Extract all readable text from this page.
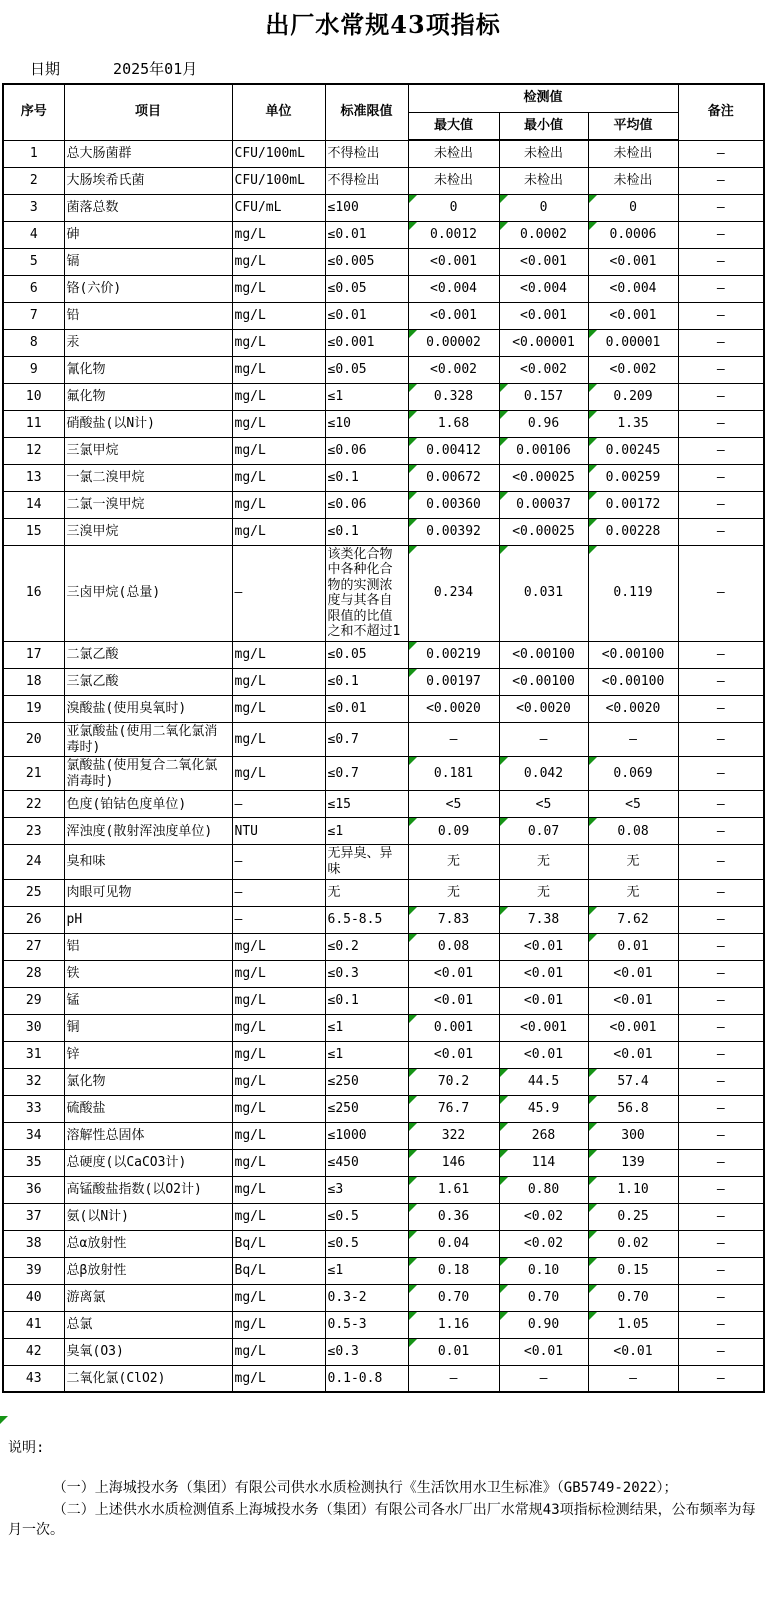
出厂水常规43项指标
日期	2025年01月
序号	项目	单位	标准限值	检测值			备注
				最大值	最小值	平均值	
1	总大肠菌群	CFU/100mL	不得检出	未检出	未检出	未检出	–
2	大肠埃希氏菌	CFU/100mL	不得检出	未检出	未检出	未检出	–
3	菌落总数	CFU/mL	≤100	0	0	0	–
4	砷	mg/L	≤0.01	0.0012	0.0002	0.0006	–
5	镉	mg/L	≤0.005	<0.001	<0.001	<0.001	–
6	铬(六价)	mg/L	≤0.05	<0.004	<0.004	<0.004	–
7	铅	mg/L	≤0.01	<0.001	<0.001	<0.001	–
8	汞	mg/L	≤0.001	0.00002	<0.00001	0.00001	–
9	氰化物	mg/L	≤0.05	<0.002	<0.002	<0.002	–
10	氟化物	mg/L	≤1	0.328	0.157	0.209	–
11	硝酸盐(以N计)	mg/L	≤10	1.68	0.96	1.35	–
12	三氯甲烷	mg/L	≤0.06	0.00412	0.00106	0.00245	–
13	一氯二溴甲烷	mg/L	≤0.1	0.00672	<0.00025	0.00259	–
14	二氯一溴甲烷	mg/L	≤0.06	0.00360	0.00037	0.00172	–
15	三溴甲烷	mg/L	≤0.1	0.00392	<0.00025	0.00228	–
16	三卤甲烷(总量)	–	该类化合物中各种化合物的实测浓度与其各自限值的比值之和不超过1	0.234	0.031	0.119	–
17	二氯乙酸	mg/L	≤0.05	0.00219	<0.00100	<0.00100	–
18	三氯乙酸	mg/L	≤0.1	0.00197	<0.00100	<0.00100	–
19	溴酸盐(使用臭氧时)	mg/L	≤0.01	<0.0020	<0.0020	<0.0020	–
20	亚氯酸盐(使用二氧化氯消毒时)	mg/L	≤0.7	–	–	–	–
21	氯酸盐(使用复合二氧化氯消毒时)	mg/L	≤0.7	0.181	0.042	0.069	–
22	色度(铂钴色度单位)	–	≤15	<5	<5	<5	–
23	浑浊度(散射浑浊度单位)	NTU	≤1	0.09	0.07	0.08	–
24	臭和味	–	无异臭、异味	无	无	无	–
25	肉眼可见物	–	无	无	无	无	–
26	pH	–	6.5-8.5	7.83	7.38	7.62	–
27	铝	mg/L	≤0.2	0.08	<0.01	0.01	–
28	铁	mg/L	≤0.3	<0.01	<0.01	<0.01	–
29	锰	mg/L	≤0.1	<0.01	<0.01	<0.01	–
30	铜	mg/L	≤1	0.001	<0.001	<0.001	–
31	锌	mg/L	≤1	<0.01	<0.01	<0.01	–
32	氯化物	mg/L	≤250	70.2	44.5	57.4	–
33	硫酸盐	mg/L	≤250	76.7	45.9	56.8	–
34	溶解性总固体	mg/L	≤1000	322	268	300	–
35	总硬度(以CaCO3计)	mg/L	≤450	146	114	139	–
36	高锰酸盐指数(以O2计)	mg/L	≤3	1.61	0.80	1.10	–
37	氨(以N计)	mg/L	≤0.5	0.36	<0.02	0.25	–
38	总α放射性	Bq/L	≤0.5	0.04	<0.02	0.02	–
39	总β放射性	Bq/L	≤1	0.18	0.10	0.15	–
40	游离氯	mg/L	0.3-2	0.70	0.70	0.70	–
41	总氯	mg/L	0.5-3	1.16	0.90	1.05	–
42	臭氧(O3)	mg/L	≤0.3	0.01	<0.01	<0.01	–
43	二氧化氯(ClO2)	mg/L	0.1-0.8	–	–	–	–
说明:

（一）上海城投水务（集团）有限公司供水水质检测执行《生活饮用水卫生标准》（GB5749-2022）；

（二）上述供水水质检测值系上海城投水务（集团）有限公司各水厂出厂水常规43项指标检测结果，公布频率为每月一次。
